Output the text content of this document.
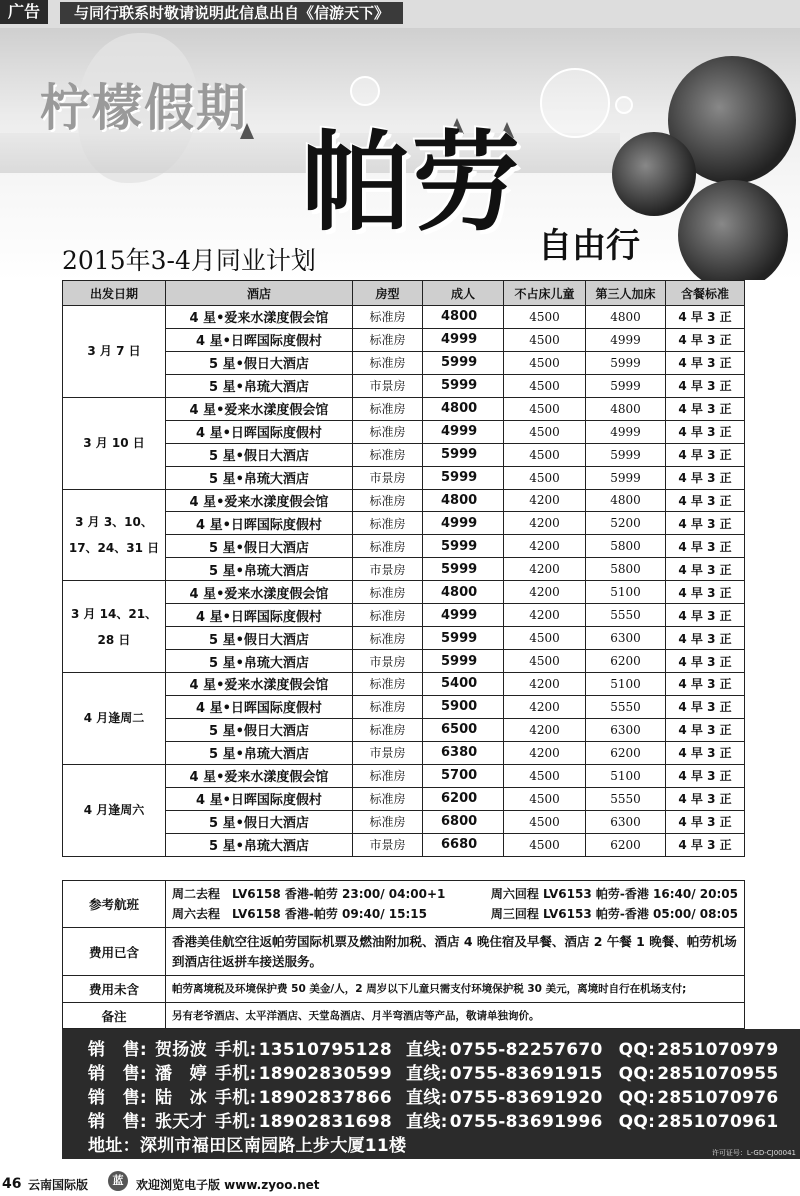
广告	与同行联系时敬请说明此信息出自《信游天下》
柠檬假期
帕劳 自由行
2015年3-4月同业计划
出发日期	酒店	房型	成人	不占床儿童	第三人加床	含餐标准
3 月 7 日	4 星•爱来水漾度假会馆	标准房	4800	4500	4800	4 早 3 正
	4 星•日晖国际度假村	标准房	4999	4500	4999	4 早 3 正
	5 星•假日大酒店	标准房	5999	4500	5999	4 早 3 正
	5 星•帛琉大酒店	市景房	5999	4500	5999	4 早 3 正
3 月 10 日	4 星•爱来水漾度假会馆	标准房	4800	4500	4800	4 早 3 正
	4 星•日晖国际度假村	标准房	4999	4500	4999	4 早 3 正
	5 星•假日大酒店	标准房	5999	4500	5999	4 早 3 正
	5 星•帛琉大酒店	市景房	5999	4500	5999	4 早 3 正
3 月 3、10、17、24、31 日	4 星•爱来水漾度假会馆	标准房	4800	4200	4800	4 早 3 正
	4 星•日晖国际度假村	标准房	4999	4200	5200	4 早 3 正
	5 星•假日大酒店	标准房	5999	4200	5800	4 早 3 正
	5 星•帛琉大酒店	市景房	5999	4200	5800	4 早 3 正
3 月 14、21、28 日	4 星•爱来水漾度假会馆	标准房	4800	4200	5100	4 早 3 正
	4 星•日晖国际度假村	标准房	4999	4200	5550	4 早 3 正
	5 星•假日大酒店	标准房	5999	4500	6300	4 早 3 正
	5 星•帛琉大酒店	市景房	5999	4500	6200	4 早 3 正
4 月逢周二	4 星•爱来水漾度假会馆	标准房	5400	4200	5100	4 早 3 正
	4 星•日晖国际度假村	标准房	5900	4200	5550	4 早 3 正
	5 星•假日大酒店	标准房	6500	4200	6300	4 早 3 正
	5 星•帛琉大酒店	市景房	6380	4200	6200	4 早 3 正
4 月逢周六	4 星•爱来水漾度假会馆	标准房	5700	4500	5100	4 早 3 正
	4 星•日晖国际度假村	标准房	6200	4500	5550	4 早 3 正
	5 星•假日大酒店	标准房	6800	4500	6300	4 早 3 正
	5 星•帛琉大酒店	市景房	6680	4500	6200	4 早 3 正
参考航班	周二去程　LV6158 香港-帕劳 23:00/ 04:00+1 周六回程 LV6153 帕劳-香港 16:40/ 20:05
周六去程　LV6158 香港-帕劳 09:40/ 15:15 周三回程 LV6153 帕劳-香港 05:00/ 08:05

费用已含	香港美佳航空往返帕劳国际机票及燃油附加税、酒店 4 晚住宿及早餐、酒店 2 午餐 1 晚餐、帕劳机场到酒店往返拼车接送服务。
费用未含	帕劳离境税及环境保护费 50 美金/人，2 周岁以下儿童只需支付环境保护税 30 美元，离境时自行在机场支付;
备注	另有老爷酒店、太平洋酒店、天堂岛酒店、月半弯酒店等产品，敬请单独询价。
销　售: 贺扬波 手机: 13510795128 直线: 0755-82257670 QQ: 2851070979
销　售: 潘　婷 手机: 18902830599 直线: 0755-83691915 QQ: 2851070955
销　售: 陆　冰 手机: 18902837866 直线: 0755-83691920 QQ: 2851070976
销　售: 张天才 手机: 18902831698 直线: 0755-83691996 QQ: 2851070961
地址：深圳市福田区南园路上步大厦11楼	许可证号：L-GD-CJ00041
46 云南国际版	蓝	欢迎浏览电子版 www.zyoo.net
